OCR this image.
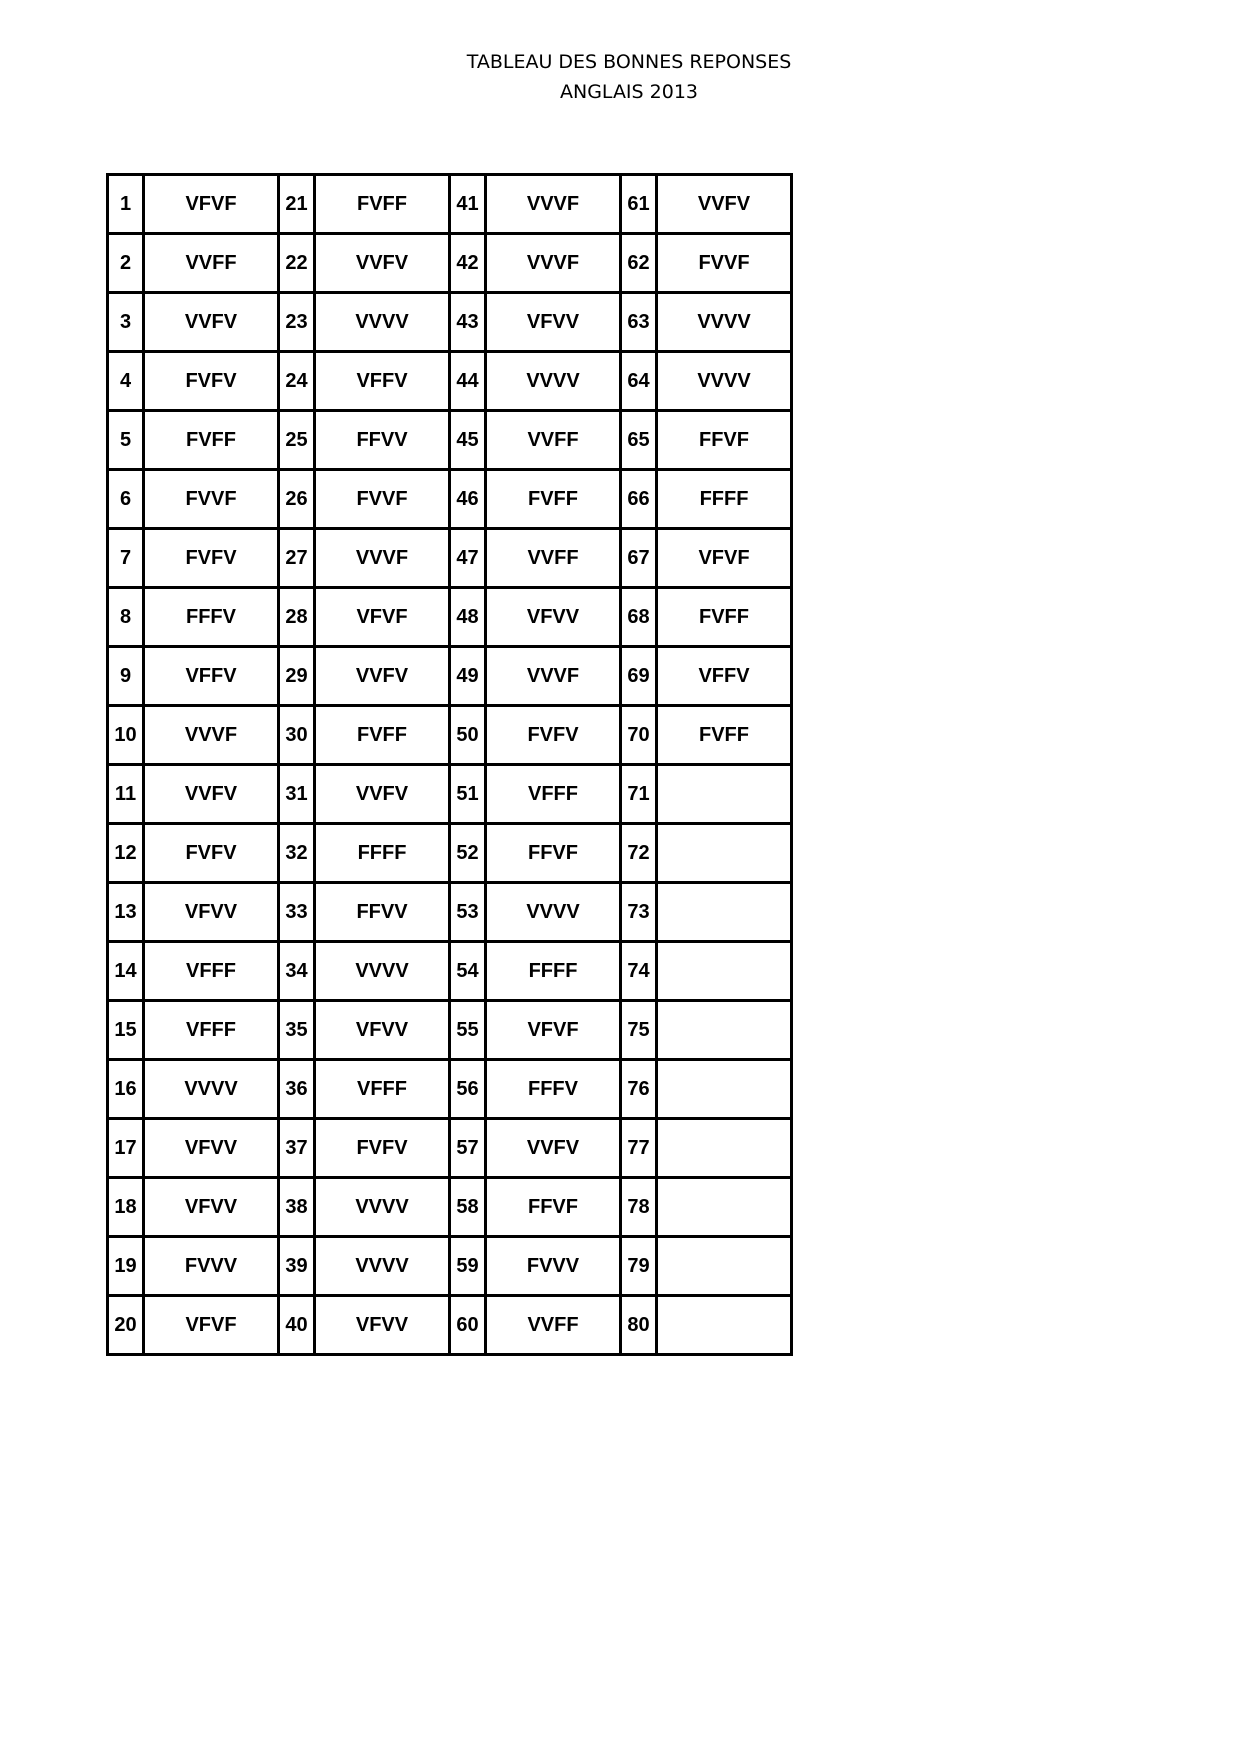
TABLEAU DES BONNES REPONSES
ANGLAIS 2013
1	VFVF	21	FVFF	41	VVVF	61	VVFV
2	VVFF	22	VVFV	42	VVVF	62	FVVF
3	VVFV	23	VVVV	43	VFVV	63	VVVV
4	FVFV	24	VFFV	44	VVVV	64	VVVV
5	FVFF	25	FFVV	45	VVFF	65	FFVF
6	FVVF	26	FVVF	46	FVFF	66	FFFF
7	FVFV	27	VVVF	47	VVFF	67	VFVF
8	FFFV	28	VFVF	48	VFVV	68	FVFF
9	VFFV	29	VVFV	49	VVVF	69	VFFV
10	VVVF	30	FVFF	50	FVFV	70	FVFF
11	VVFV	31	VVFV	51	VFFF	71	
12	FVFV	32	FFFF	52	FFVF	72	
13	VFVV	33	FFVV	53	VVVV	73	
14	VFFF	34	VVVV	54	FFFF	74	
15	VFFF	35	VFVV	55	VFVF	75	
16	VVVV	36	VFFF	56	FFFV	76	
17	VFVV	37	FVFV	57	VVFV	77	
18	VFVV	38	VVVV	58	FFVF	78	
19	FVVV	39	VVVV	59	FVVV	79	
20	VFVF	40	VFVV	60	VVFF	80	
